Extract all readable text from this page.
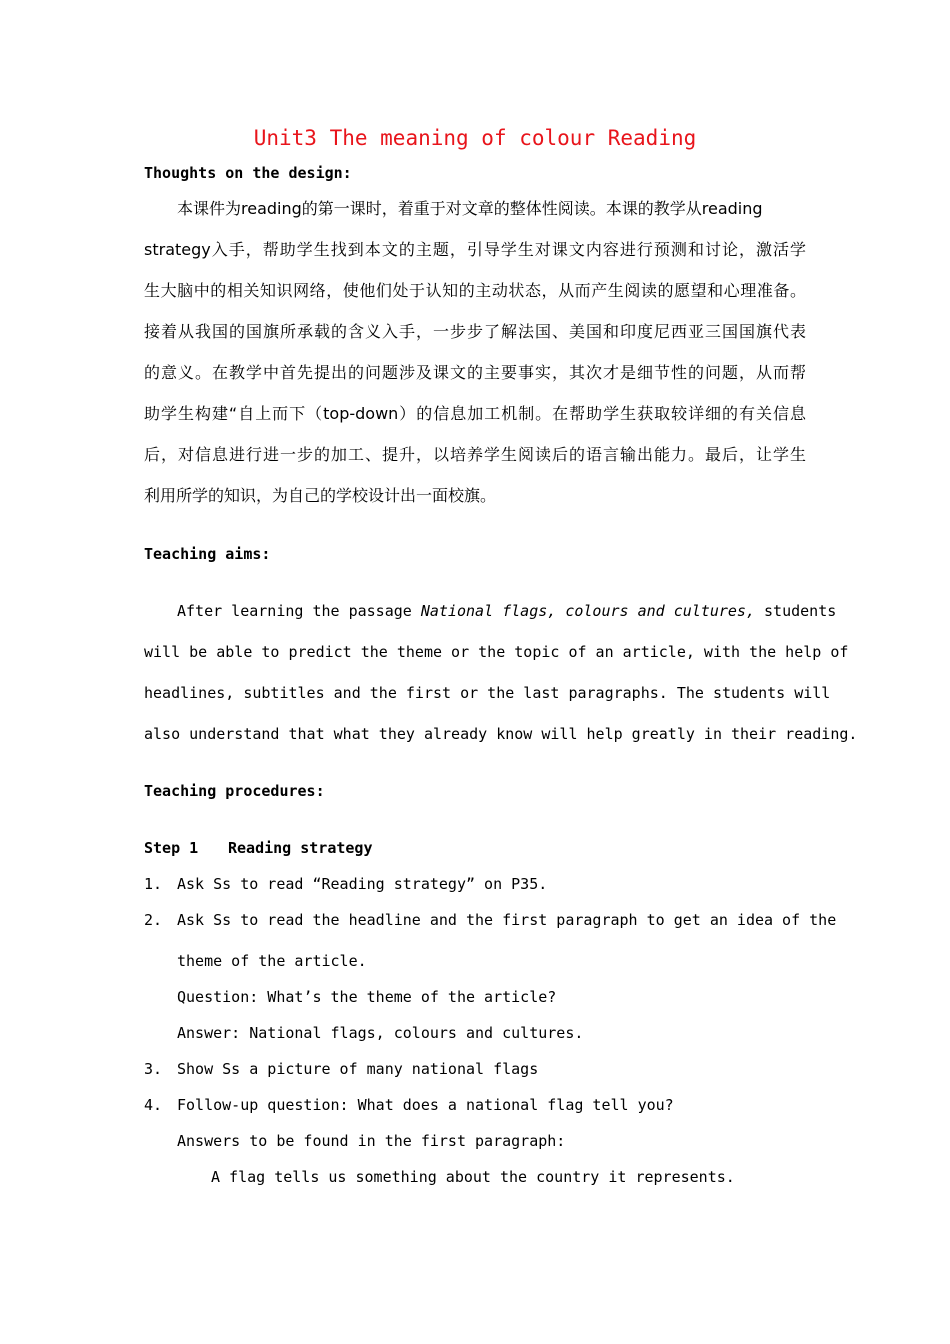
Unit3 The meaning of colour Reading
Thoughts on the design:
本课件为reading的第一课时，着重于对文章的整体性阅读。本课的教学从reading
strategy入手，帮助学生找到本文的主题，引导学生对课文内容进行预测和讨论，激活学
生大脑中的相关知识网络，使他们处于认知的主动状态，从而产生阅读的愿望和心理准备。
接着从我国的国旗所承载的含义入手，一步步了解法国、美国和印度尼西亚三国国旗代表
的意义。在教学中首先提出的问题涉及课文的主要事实，其次才是细节性的问题，从而帮
助学生构建“自上而下（top-down）的信息加工机制。在帮助学生获取较详细的有关信息
后，对信息进行进一步的加工、提升，以培养学生阅读后的语言输出能力。最后，让学生
利用所学的知识，为自己的学校设计出一面校旗。
Teaching aims:
After learning the passage National flags, colours and cultures, students
will be able to predict the theme or the topic of an article, with the help of
headlines, subtitles and the first or the last paragraphs. The students will
also understand that what they already know will help greatly in their reading.
Teaching procedures:
Step 1 Reading strategy
1. Ask Ss to read “Reading strategy” on P35.
2. Ask Ss to read the headline and the first paragraph to get an idea of the
theme of the article.
Question: What’s the theme of the article?
Answer: National flags, colours and cultures.
3. Show Ss a picture of many national flags
4. Follow-up question: What does a national flag tell you?
Answers to be found in the first paragraph:
A flag tells us something about the country it represents.
